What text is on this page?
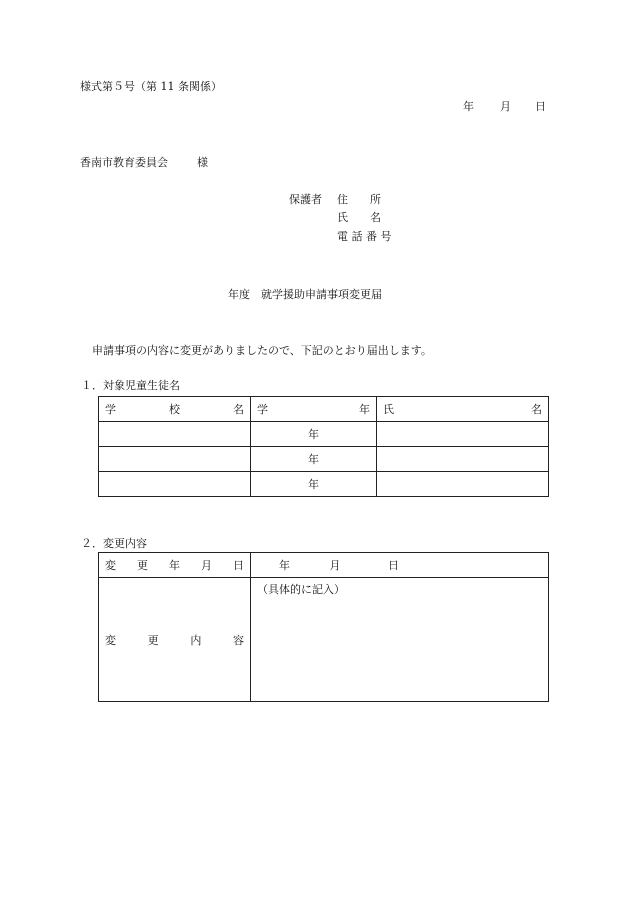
様式第５号（第 11 条関係）
年 月 日
香南市教育委員会	様
保護者 住　　所
氏　　名
電 話 番 号
年度　就学援助申請事項変更届
申請事項の内容に変更がありましたので、下記のとおり届出します。
１．対象児童生徒名
学 校 名	学 年	氏 名

	年	
	年	
	年	
２．変更内容
変 更 年 月 日	年 月 日

変 更 内 容	（具体的に記入）
